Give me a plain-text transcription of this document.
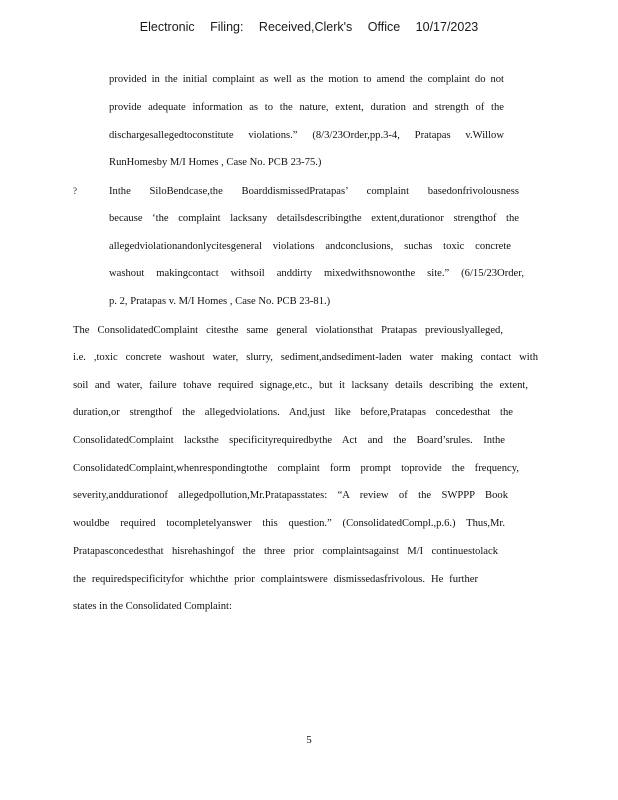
Electronic Filing: Received,Clerk's Office 10/17/2023
provided in the initial complaint as well as the motion to amend the complaint do not
provide adequate information as to the nature, extent, duration and strength of the
dischargesallegedtoconstitute violations.” (8/3/23Order,pp.3-4, Pratapas v.Willow
RunHomesby M/I Homes , Case No. PCB 23-75.)
?	Inthe SiloBendcase,the BoarddismissedPratapas’ complaint basedonfrivolousness
because ‘the complaint lacksany detailsdescribingthe extent,durationor strengthof the
allegedviolationandonlycitesgeneral violations andconclusions, suchas toxic concrete
washout makingcontact withsoil anddirty mixedwithsnowonthe site.” (6/15/23Order,
p. 2, Pratapas v. M/I Homes , Case No. PCB 23-81.)
The ConsolidatedComplaint citesthe same general violationsthat Pratapas previouslyalleged,
i.e. ,toxic concrete washout water, slurry, sediment,andsediment-laden water making contact with
soil and water, failure tohave required signage,etc., but it lacksany details describing the extent,
duration,or strengthof the allegedviolations. And,just like before,Pratapas concedesthat the
ConsolidatedComplaint lacksthe specificityrequiredbythe Act and the Board’srules. Inthe
ConsolidatedComplaint,whenrespondingtothe complaint form prompt toprovide the frequency,
severity,anddurationof allegedpollution,Mr.Pratapasstates: “A review of the SWPPP Book
wouldbe required tocompletelyanswer this question.” (ConsolidatedCompl.,p.6.) Thus,Mr.
Pratapasconcedesthat hisrehashingof the three prior complaintsagainst M/I continuestolack
the requiredspecificityfor whichthe prior complaintswere dismissedasfrivolous. He further
states in the Consolidated Complaint:
5
